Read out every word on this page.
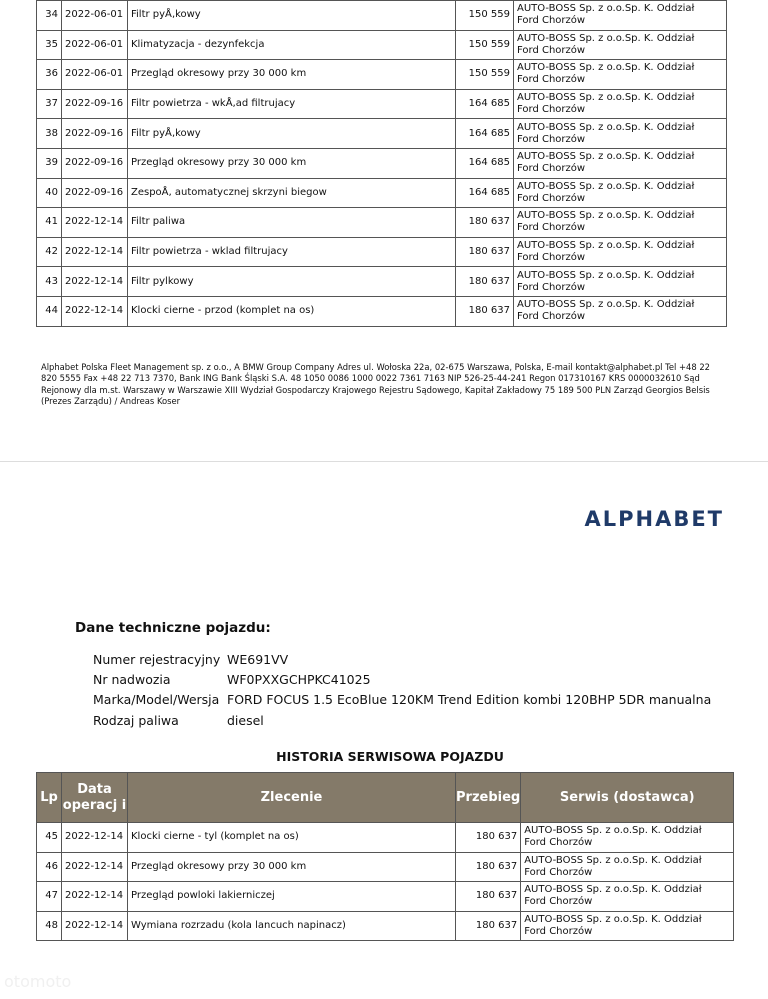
34	2022-06-01	Filtr pyÅ‚kowy	150 559	AUTO-BOSS Sp. z o.o.Sp. K. Oddział
Ford Chorzów

35	2022-06-01	Klimatyzacja - dezynfekcja	150 559	AUTO-BOSS Sp. z o.o.Sp. K. Oddział
Ford Chorzów

36	2022-06-01	Przegląd okresowy przy 30 000 km	150 559	AUTO-BOSS Sp. z o.o.Sp. K. Oddział
Ford Chorzów

37	2022-09-16	Filtr powietrza - wkÅ‚ad filtrujacy	164 685	AUTO-BOSS Sp. z o.o.Sp. K. Oddział
Ford Chorzów

38	2022-09-16	Filtr pyÅ‚kowy	164 685	AUTO-BOSS Sp. z o.o.Sp. K. Oddział
Ford Chorzów

39	2022-09-16	Przegląd okresowy przy 30 000 km	164 685	AUTO-BOSS Sp. z o.o.Sp. K. Oddział
Ford Chorzów

40	2022-09-16	ZespoÅ‚ automatycznej skrzyni biegow	164 685	AUTO-BOSS Sp. z o.o.Sp. K. Oddział
Ford Chorzów

41	2022-12-14	Filtr paliwa	180 637	AUTO-BOSS Sp. z o.o.Sp. K. Oddział
Ford Chorzów

42	2022-12-14	Filtr powietrza - wklad filtrujacy	180 637	AUTO-BOSS Sp. z o.o.Sp. K. Oddział
Ford Chorzów

43	2022-12-14	Filtr pylkowy	180 637	AUTO-BOSS Sp. z o.o.Sp. K. Oddział
Ford Chorzów

44	2022-12-14	Klocki cierne - przod (komplet na os)	180 637	AUTO-BOSS Sp. z o.o.Sp. K. Oddział
Ford Chorzów
Alphabet Polska Fleet Management sp. z o.o., A BMW Group Company Adres ul. Wołoska 22a, 02-675 Warszawa, Polska, E-mail kontakt@alphabet.pl Tel +48 22 820 5555 Fax +48 22 713 7370, Bank ING Bank Śląski S.A. 48 1050 0086 1000 0022 7361 7163 NIP 526-25-44-241 Regon 017310167 KRS 0000032610 Sąd Rejonowy dla m.st. Warszawy w Warszawie XIII Wydział Gospodarczy Krajowego Rejestru Sądowego, Kapitał Zakładowy 75 189 500 PLN Zarząd Georgios Belsis (Prezes Zarządu) / Andreas Koser
ALPHABET
Dane techniczne pojazdu:
Numer rejestracyjny WE691VV
Nr nadwozia	WF0PXXGCHPKC41025
Marka/Model/Wersja FORD FOCUS 1.5 EcoBlue 120KM Trend Edition kombi 120BHP 5DR manualna
Rodzaj paliwa	diesel
HISTORIA SERWISOWA POJAZDU
Lp	Data operacj i	Zlecenie	Przebieg	Serwis (dostawca)
45	2022-12-14	Klocki cierne - tyl (komplet na os)	180 637	AUTO-BOSS Sp. z o.o.Sp. K. Oddział
Ford Chorzów

46	2022-12-14	Przegląd okresowy przy 30 000 km	180 637	AUTO-BOSS Sp. z o.o.Sp. K. Oddział
Ford Chorzów

47	2022-12-14	Przegląd powloki lakierniczej	180 637	AUTO-BOSS Sp. z o.o.Sp. K. Oddział
Ford Chorzów

48	2022-12-14	Wymiana rozrzadu (kola lancuch napinacz)	180 637	AUTO-BOSS Sp. z o.o.Sp. K. Oddział
Ford Chorzów
otomoto
